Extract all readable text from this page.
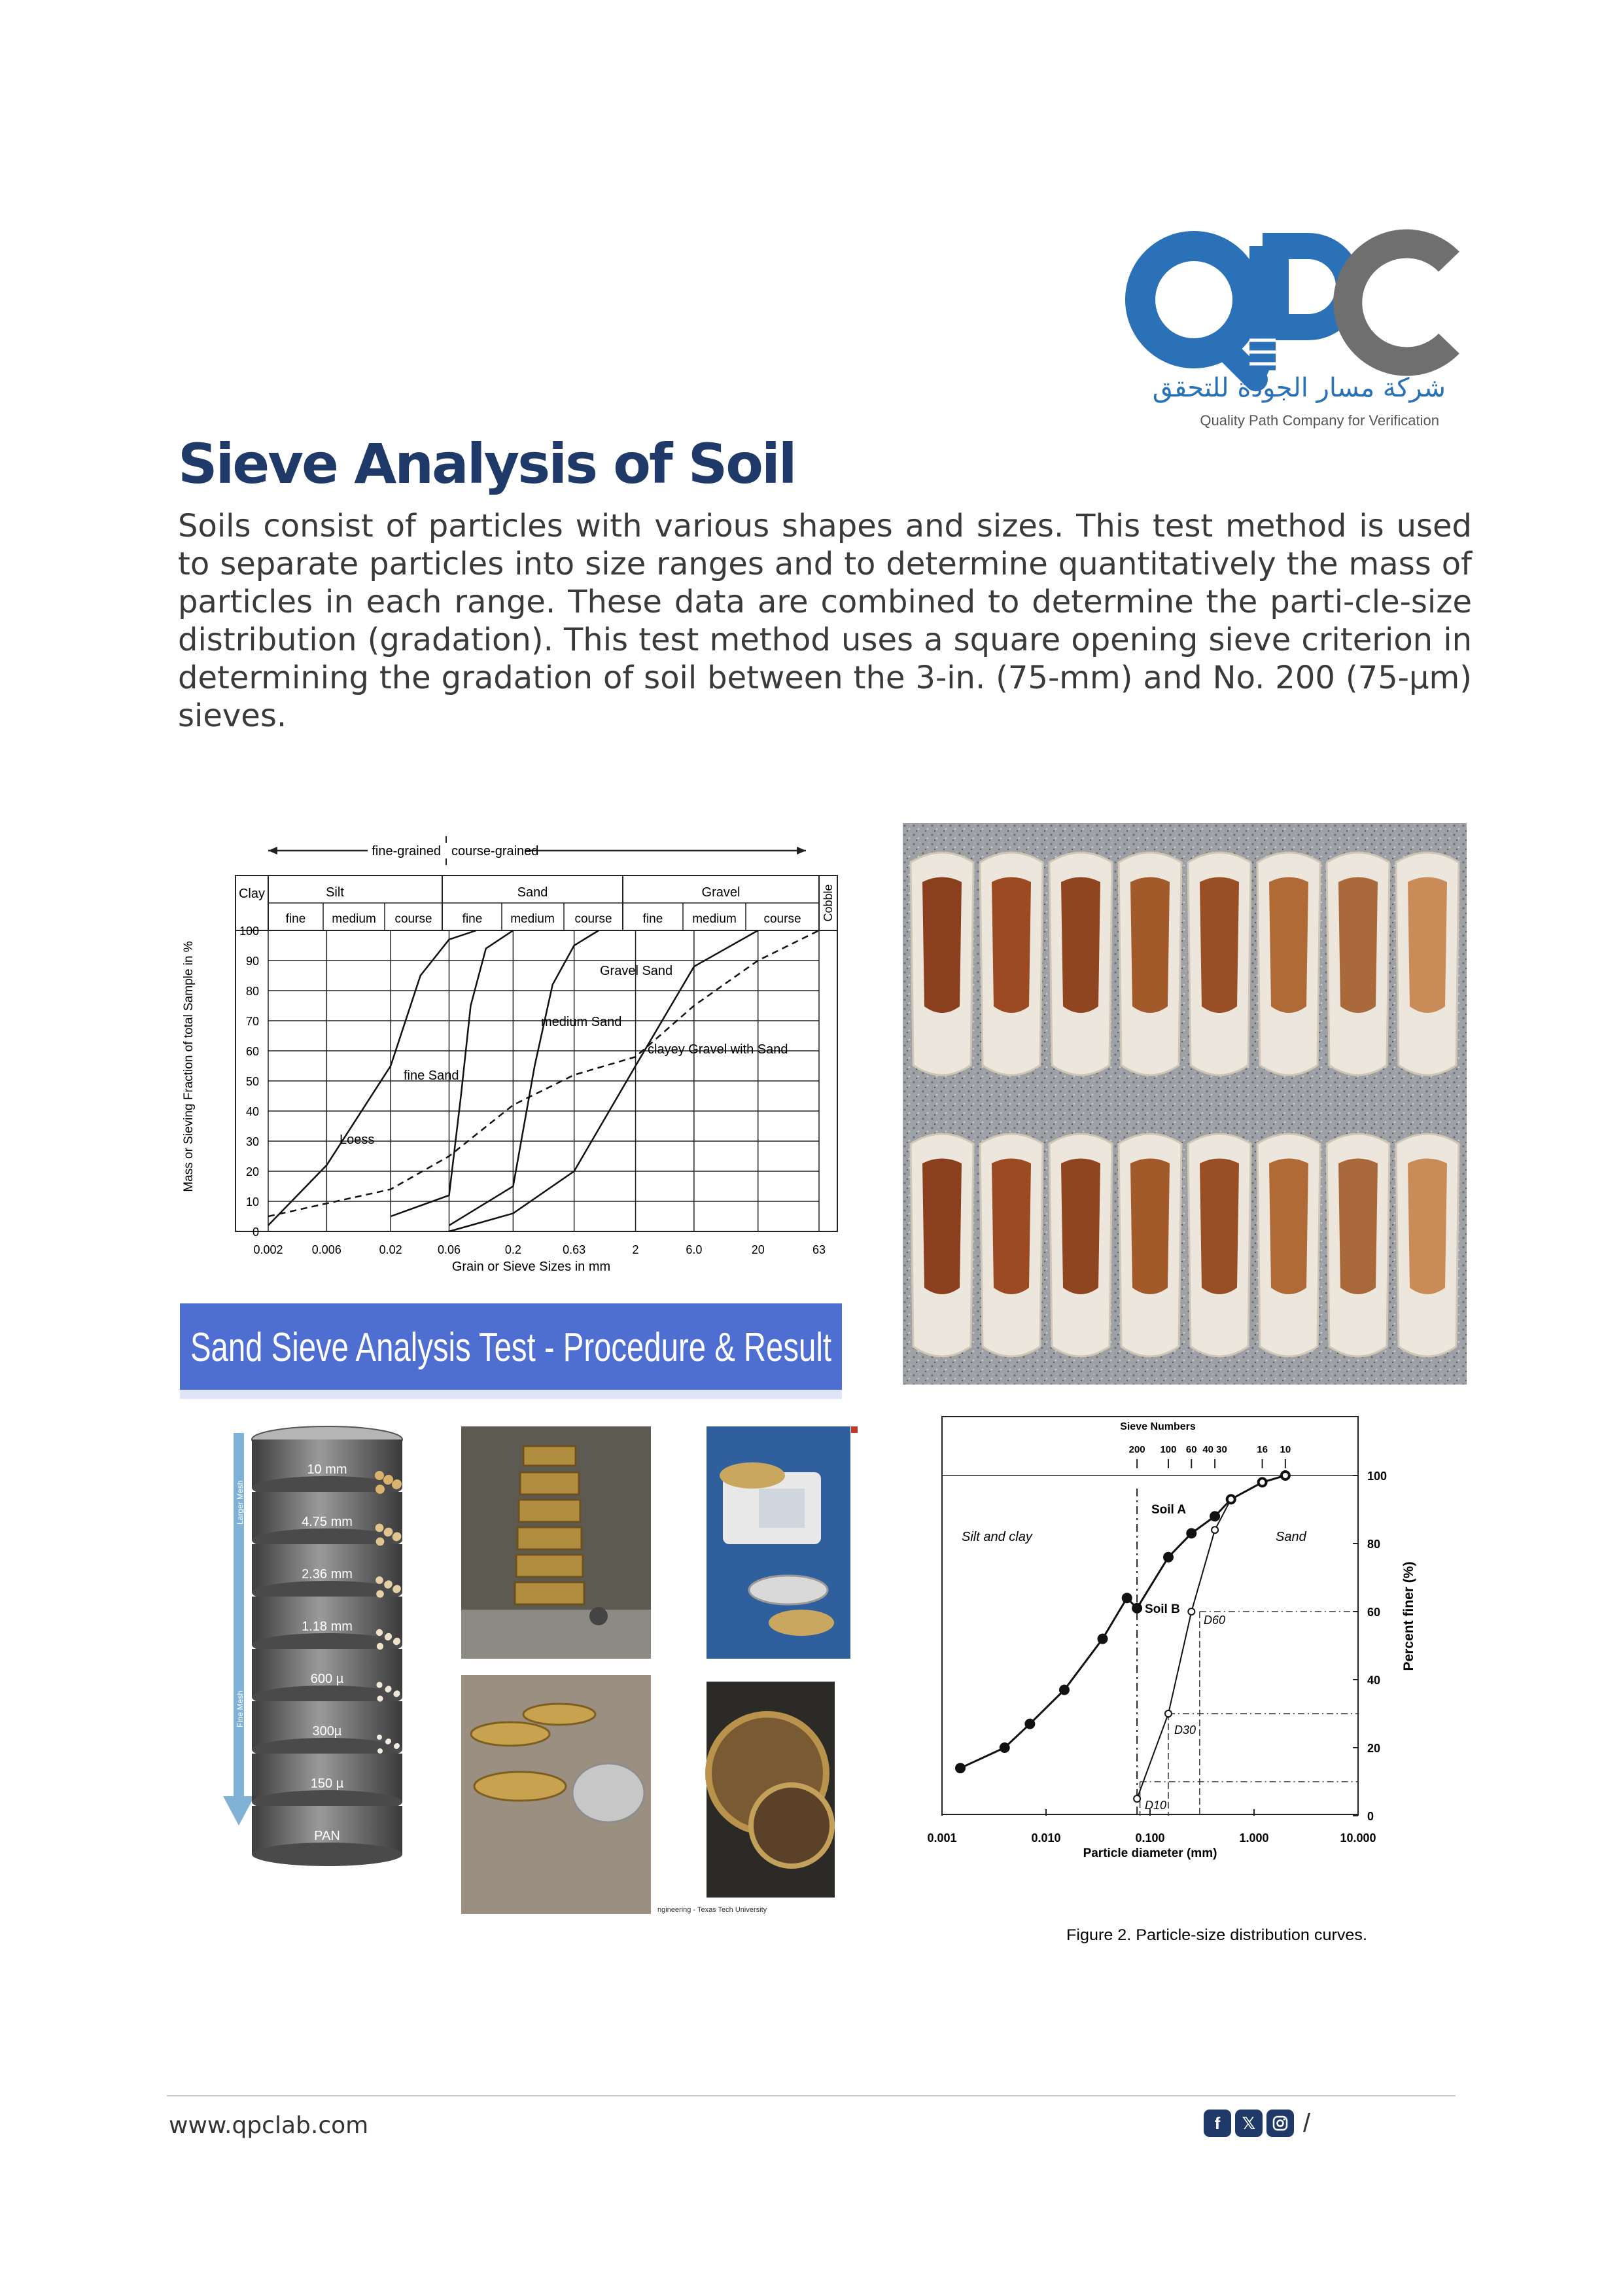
شركة مسار الجودة للتحقق
Quality Path Company for Verification
Sieve Analysis of Soil
Soils consist of particles with various shapes and sizes. This test method is used to separate particles into size ranges and to determine quantitatively the mass of particles in each range. These data are combined to determine the parti-cle-size distribution (gradation). This test method uses a square opening sieve criterion in determining the gradation of soil between the 3-in. (75-mm) and No. 200 (75-µm) sieves.
fine-grained course-grained
Clay	Silt	Sand	Gravel	Cobble
fine medium course fine medium course fine medium course
0
10
20
30
40
50
60
70
80
90
100
0.002 0.006	0.02	0.06	0.2	0.63	2	6.0	20	63
Mass or Sieving Fraction of total Sample in %
Grain or Sieve Sizes in mm
Gravel Sand
medium Sand
clayey Gravel with Sand
fine Sand
Loess
Sand Sieve Analysis Test - Procedure & Result
Larger Mesh
Fine Mesh
10 mm
4.75 mm
2.36 mm
1.18 mm
600 µ
300µ
150 µ
PAN
ngineering - Texas Tech University
Sieve Numbers
200 100 60 40 30	16 10
0.001	0.010	0.100	1.000	10.000
0
20
40
60
80
100
Silt and clay	Sand
Soil A
Soil B
D60
D30
D10
Particle diameter (mm)
Percent finer (%)
Figure 2. Particle-size distribution curves.
www.qpclab.com	f	𝕏 /
